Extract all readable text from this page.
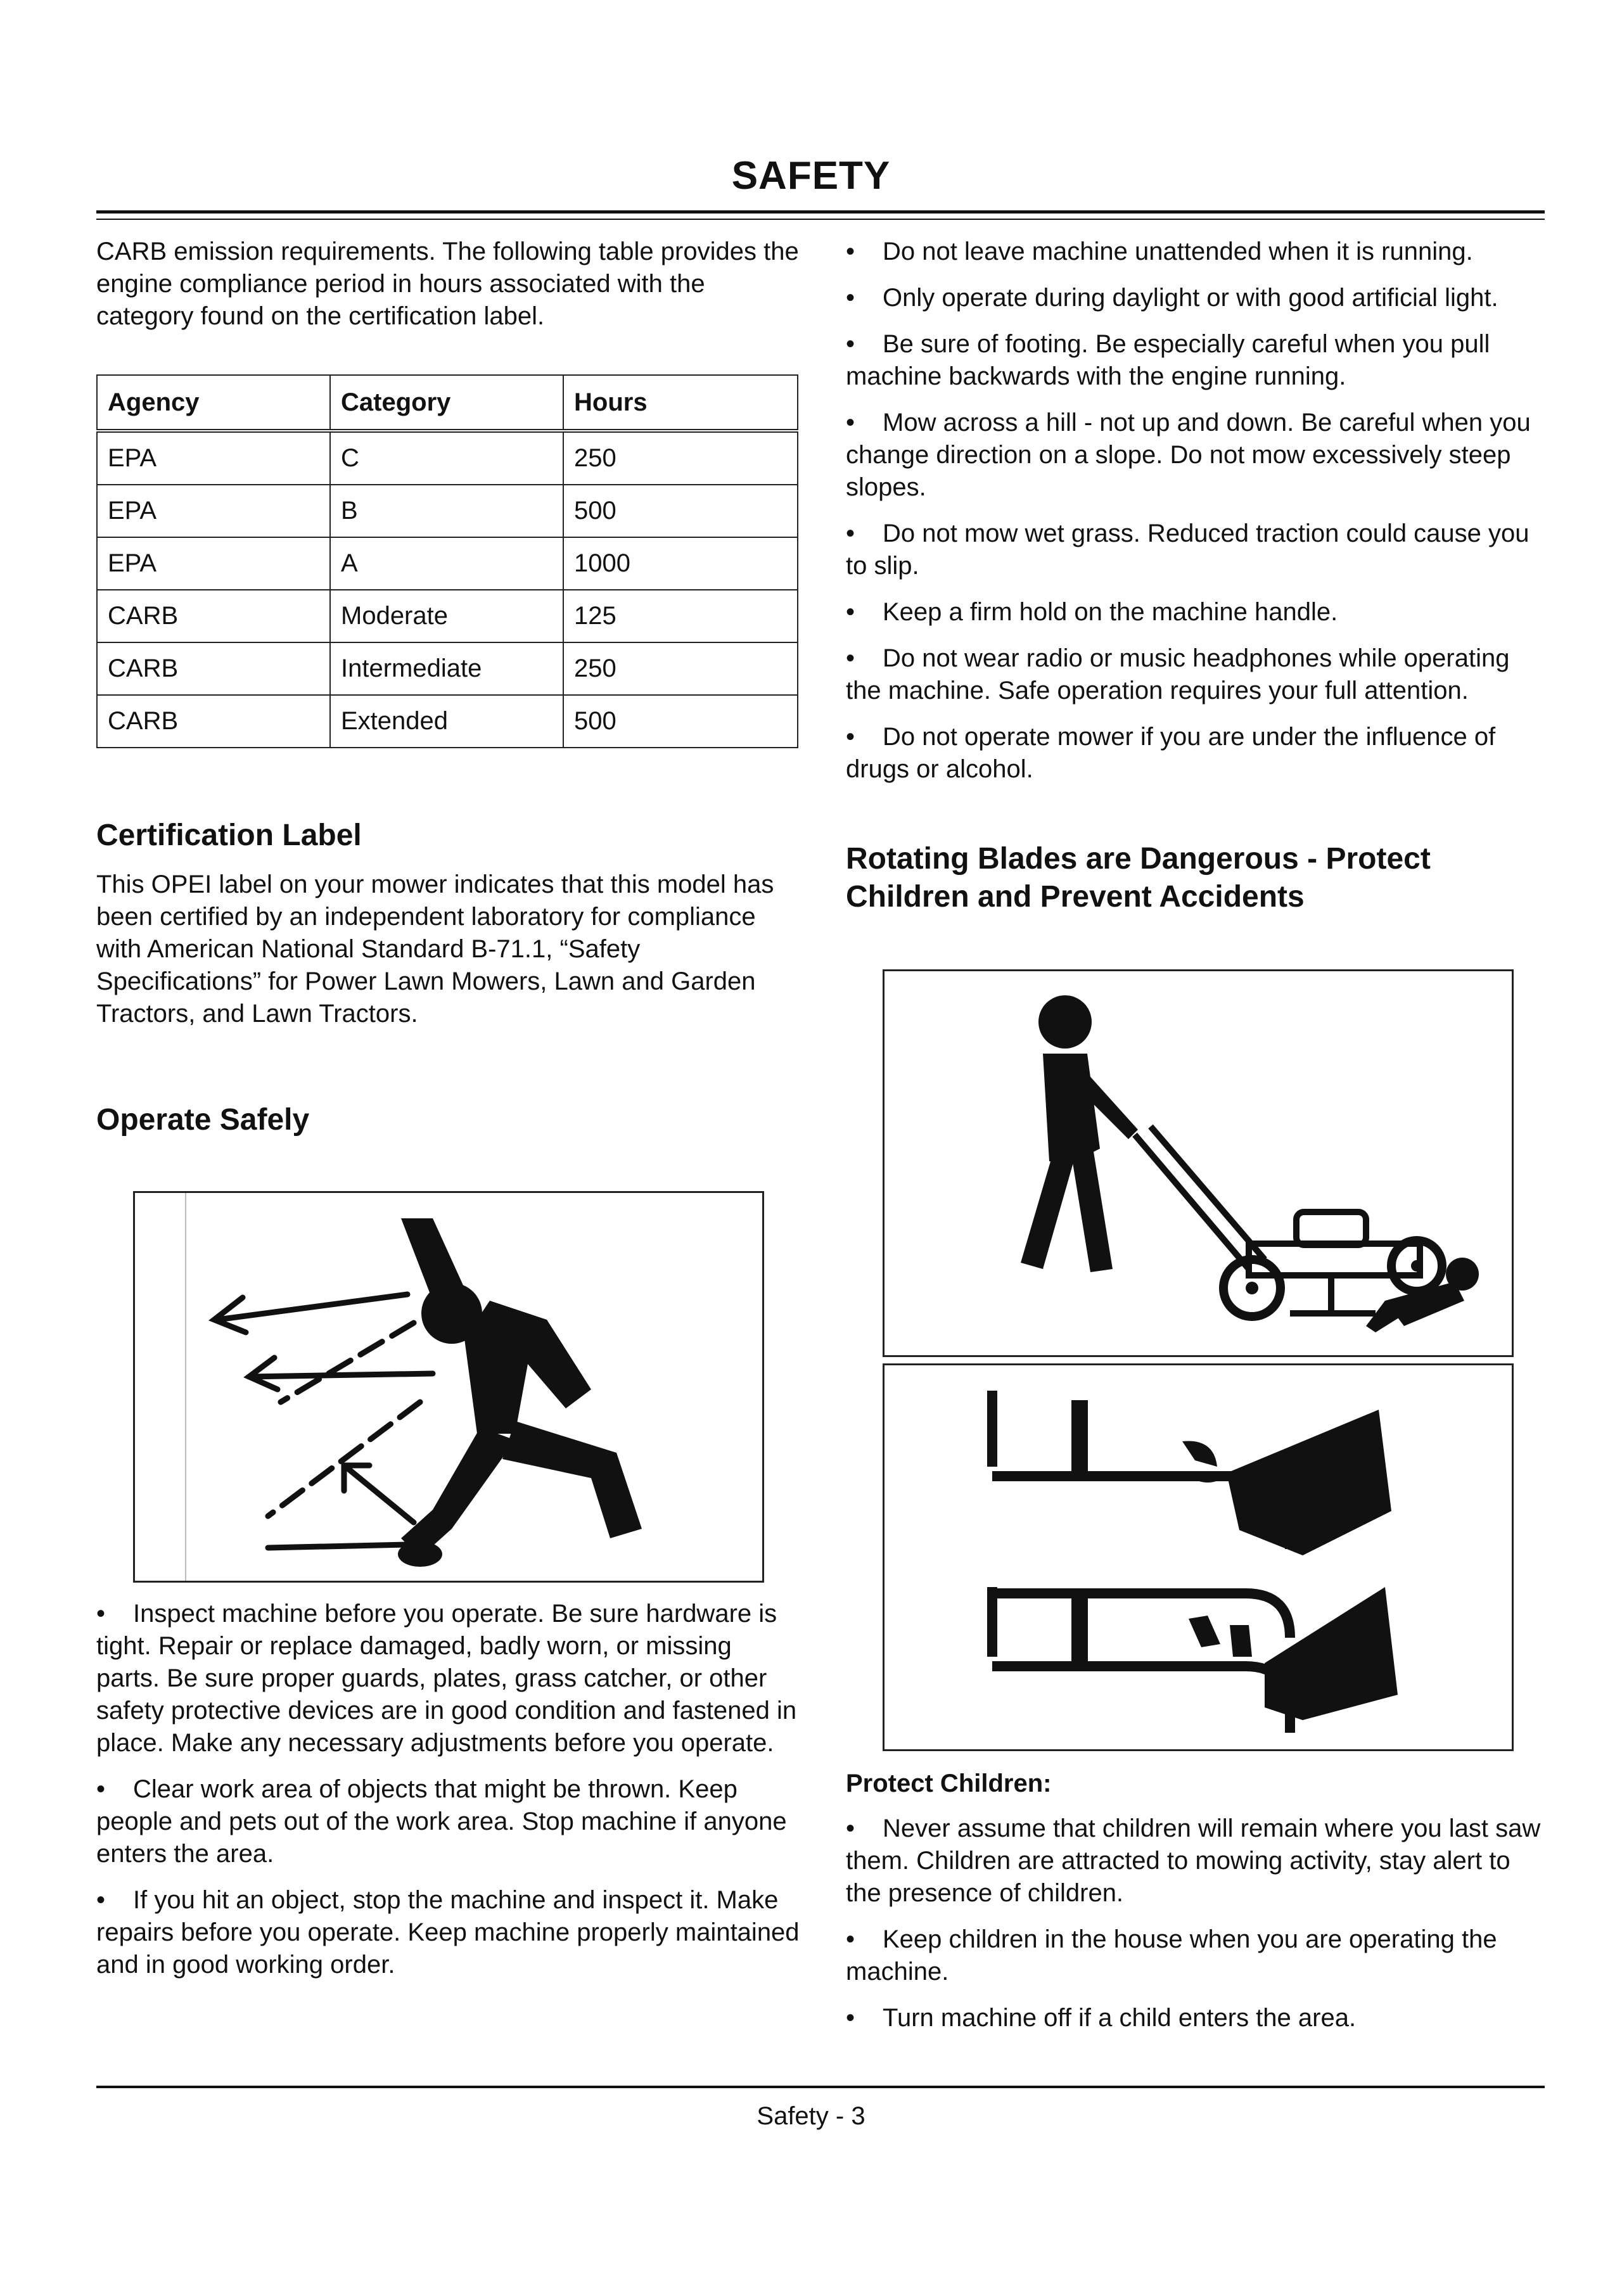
SAFETY

CARB emission requirements. The following table provides the engine compliance period in hours associated with the category found on the certification label.

Agency	Category	Hours
EPA	C	250
EPA	B	500
EPA	A	1000
CARB	Moderate	125
CARB	Intermediate	250
CARB	Extended	500
Certification Label

This OPEI label on your mower indicates that this model has been certified by an independent laboratory for compliance with American National Standard B-71.1, “Safety Specifications” for Power Lawn Mowers, Lawn and Garden Tractors, and Lawn Tractors.

Operate Safely
• Inspect machine before you operate. Be sure hardware is tight. Repair or replace damaged, badly worn, or missing parts. Be sure proper guards, plates, grass catcher, or other safety protective devices are in good condition and fastened in place. Make any necessary adjustments before you operate.
• Clear work area of objects that might be thrown. Keep people and pets out of the work area. Stop machine if anyone enters the area.
• If you hit an object, stop the machine and inspect it. Make repairs before you operate. Keep machine properly maintained and in good working order.
• Do not leave machine unattended when it is running.
• Only operate during daylight or with good artificial light.
• Be sure of footing. Be especially careful when you pull machine backwards with the engine running.
• Mow across a hill - not up and down. Be careful when you change direction on a slope. Do not mow excessively steep slopes.
• Do not mow wet grass. Reduced traction could cause you to slip.
• Keep a firm hold on the machine handle.
• Do not wear radio or music headphones while operating the machine. Safe operation requires your full attention.
• Do not operate mower if you are under the influence of drugs or alcohol.
Rotating Blades are Dangerous - Protect Children and Prevent Accidents
Protect Children:
• Never assume that children will remain where you last saw them. Children are attracted to mowing activity, stay alert to the presence of children.
• Keep children in the house when you are operating the machine.
• Turn machine off if a child enters the area.
Safety - 3
